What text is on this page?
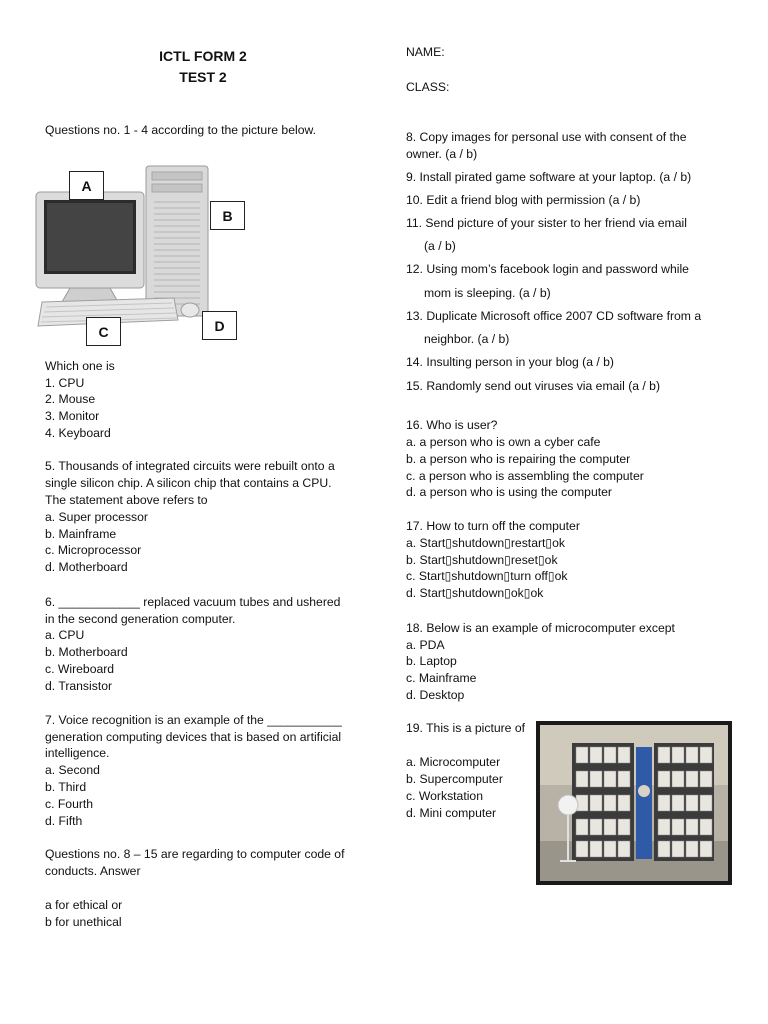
ICTL FORM 2
TEST 2
NAME:
CLASS:
Questions no. 1 - 4 according to the picture below.
A
B
C	D
Which one is
1. CPU
2. Mouse
3. Monitor
4. Keyboard
5. Thousands of integrated circuits were rebuilt onto a
single silicon chip. A silicon chip that contains a CPU.
The statement above refers to
a. Super processor
b. Mainframe
c. Microprocessor
d. Motherboard
6. ____________ replaced vacuum tubes and ushered
in the second generation computer.
a. CPU
b. Motherboard
c. Wireboard
d. Transistor
7. Voice recognition is an example of the ___________
generation computing devices that is based on artificial
intelligence.
a. Second
b. Third
c. Fourth
d. Fifth
Questions no. 8 – 15 are regarding to computer code of
conducts. Answer
a for ethical or
b for unethical
8. Copy images for personal use with consent of the
owner. (a / b)
9. Install pirated game software at your laptop. (a / b)
10. Edit a friend blog with permission (a / b)
11. Send picture of your sister to her friend via email
(a / b)
12. Using mom’s facebook login and password while
mom is sleeping. (a / b)
13. Duplicate Microsoft office 2007 CD software from a
neighbor. (a / b)
14. Insulting person in your blog (a / b)
15. Randomly send out viruses via email (a / b)
16. Who is user?
a. a person who is own a cyber cafe
b. a person who is repairing the computer
c. a person who is assembling the computer
d. a person who is using the computer
17. How to turn off the computer
a. Start▯shutdown▯restart▯ok
b. Start▯shutdown▯reset▯ok
c. Start▯shutdown▯turn off▯ok
d. Start▯shutdown▯ok▯ok
18. Below is an example of microcomputer except
a. PDA
b. Laptop
c. Mainframe
d. Desktop
19. This is a picture of
a. Microcomputer
b. Supercomputer
c. Workstation
d. Mini computer
